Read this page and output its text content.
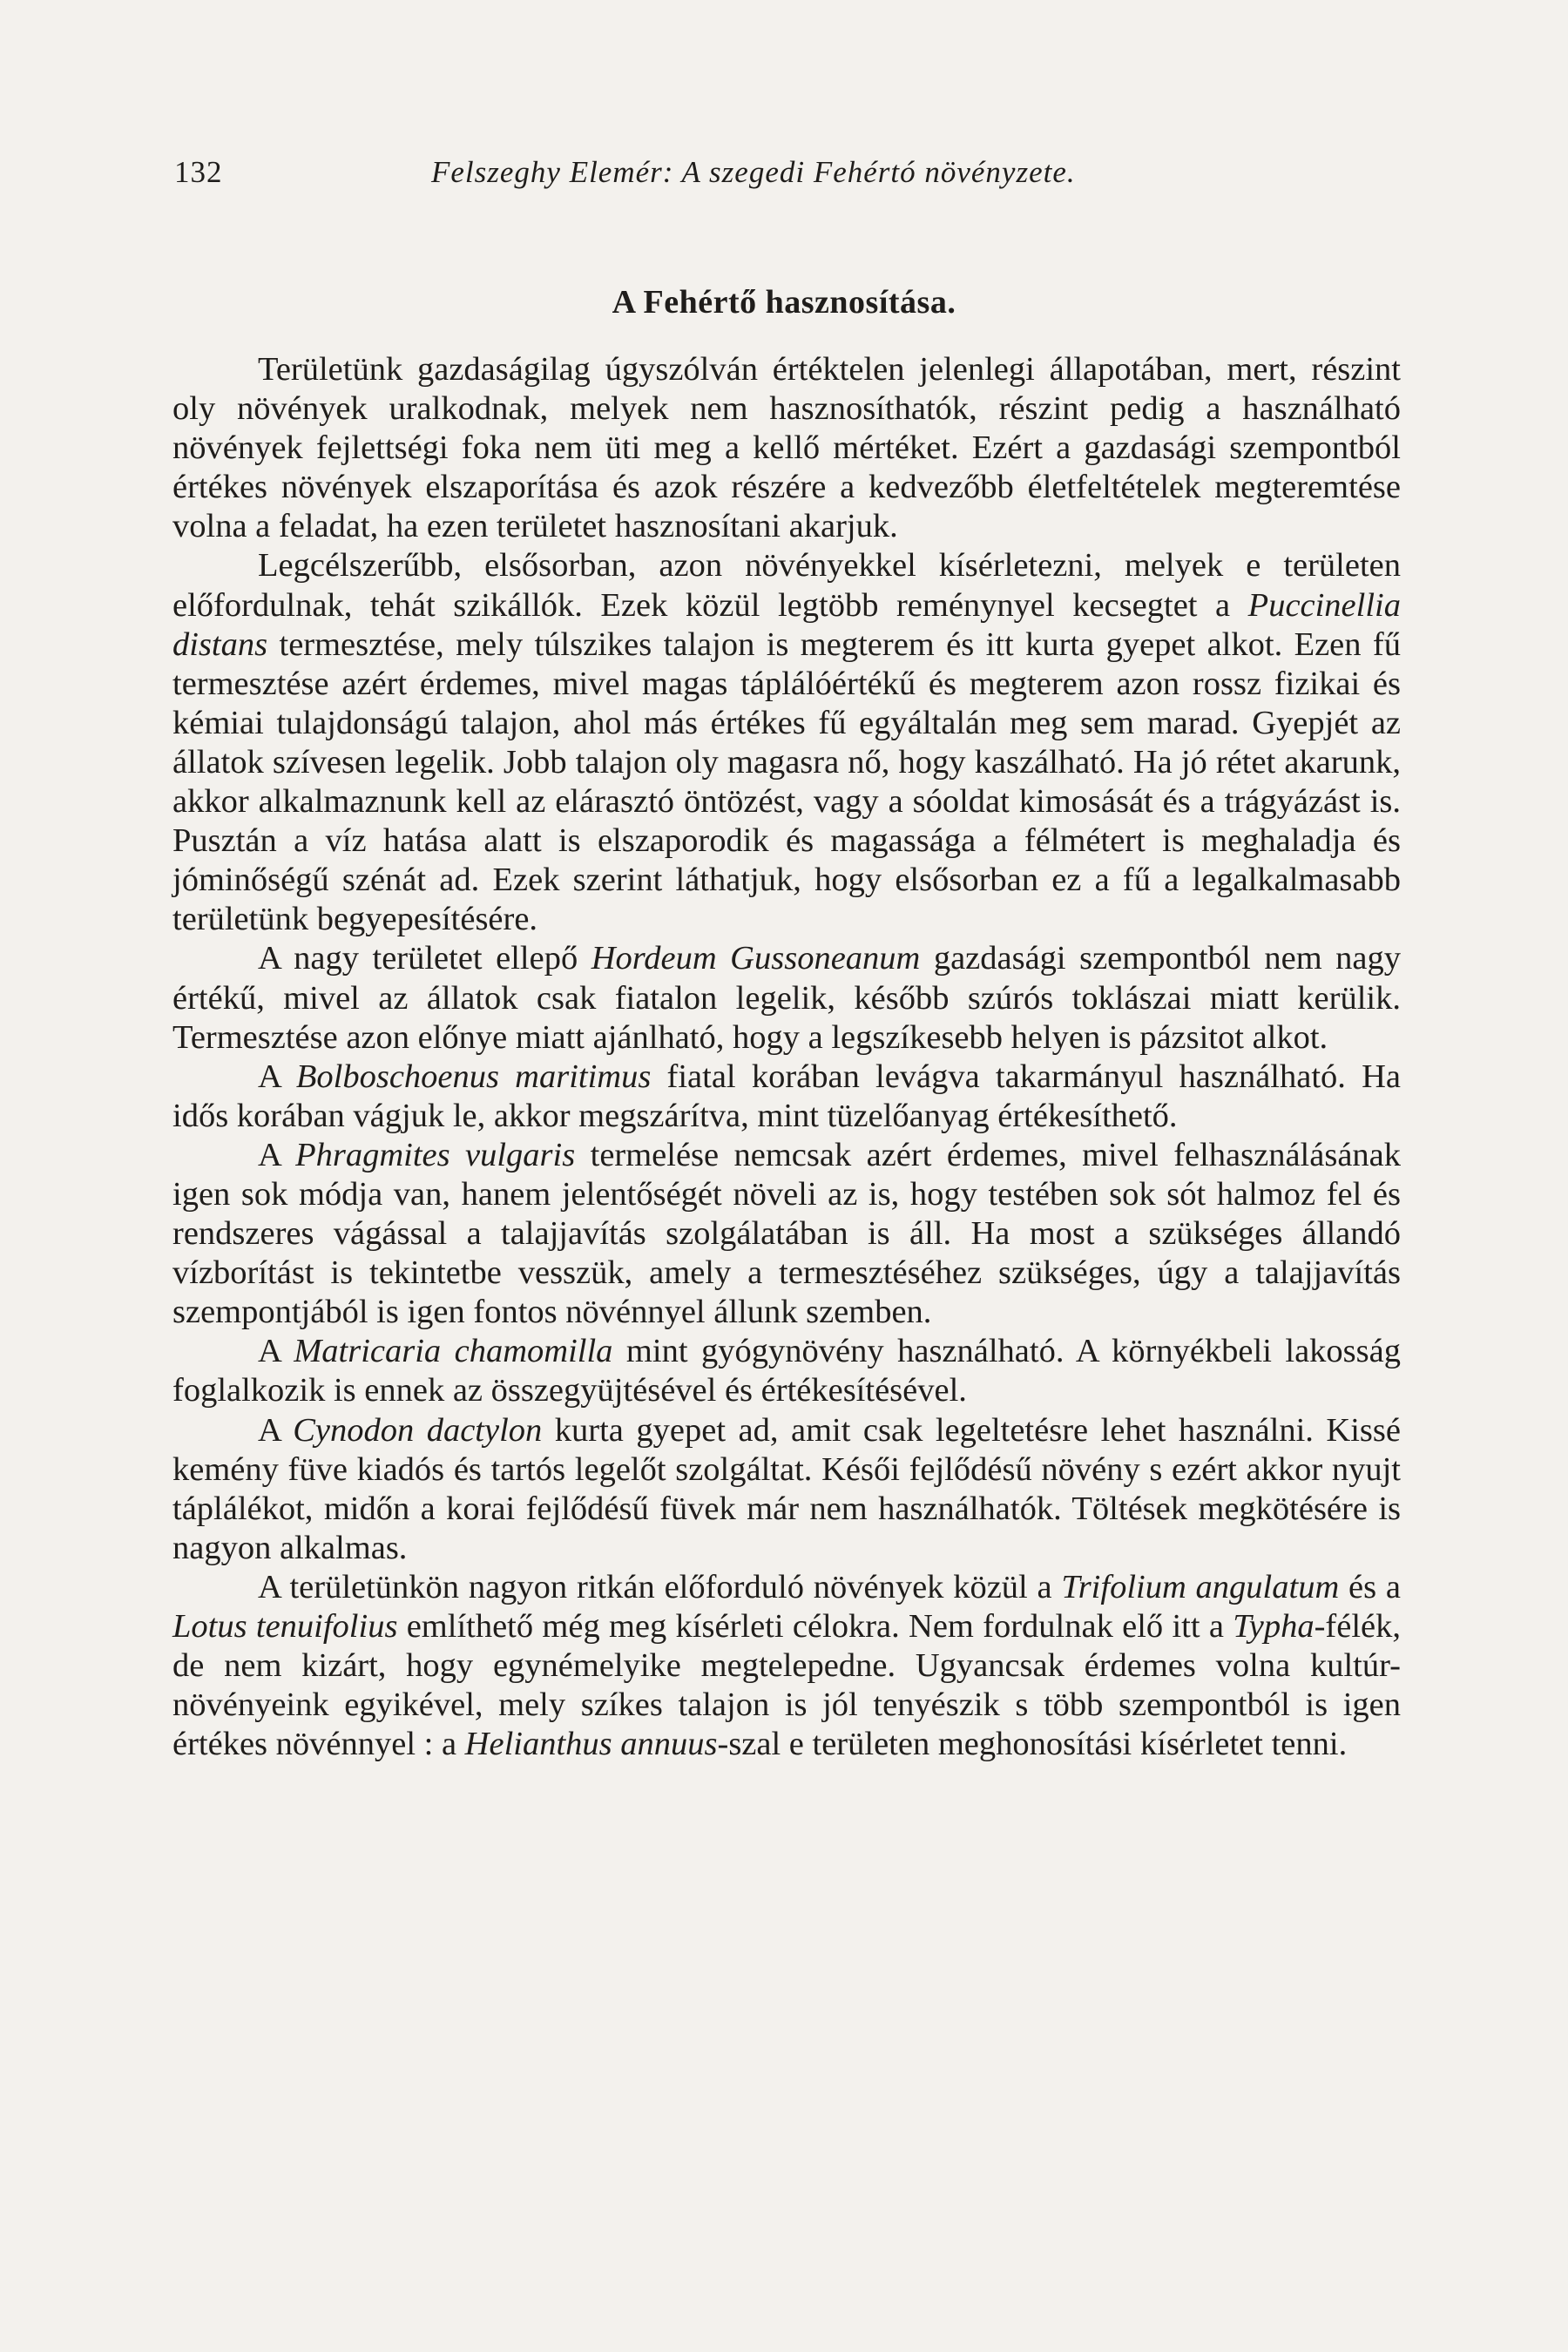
132	Felszeghy Elemér: A szegedi Fehértó növényzete.
A Fehértő hasznosítása.

Területünk gazdaságilag úgyszólván értéktelen jelenlegi állapotában, mert, részint oly növények uralkodnak, melyek nem hasznosíthatók, részint pedig a használható növények fejlettségi foka nem üti meg a kellő mértéket. Ezért a gazdasági szempontból értékes növények elszaporítása és azok részére a kedvezőbb életfeltételek megteremtése volna a feladat, ha ezen területet hasznosítani akarjuk.

Legcélszerűbb, elsősorban, azon növényekkel kísérletezni, melyek e területen előfordulnak, tehát szikállók. Ezek közül legtöbb reménynyel kecsegtet a Puccinellia distans termesztése, mely túlszikes talajon is megterem és itt kurta gyepet alkot. Ezen fű termesztése azért érdemes, mivel magas táplálóértékű és megterem azon rossz fizikai és kémiai tulajdonságú talajon, ahol más értékes fű egyáltalán meg sem marad. Gyepjét az állatok szívesen legelik. Jobb talajon oly magasra nő, hogy kaszálható. Ha jó rétet akarunk, akkor alkalmaznunk kell az elárasztó öntözést, vagy a sóoldat kimosását és a trágyázást is. Pusztán a víz hatása alatt is elszaporodik és magassága a félmétert is meghaladja és jóminőségű szénát ad. Ezek szerint láthatjuk, hogy elsősorban ez a fű a legalkalmasabb területünk begyepesítésére.

A nagy területet ellepő Hordeum Gussoneanum gazdasági szempontból nem nagy értékű, mivel az állatok csak fiatalon legelik, később szúrós toklászai miatt kerülik. Termesztése azon előnye miatt ajánlható, hogy a legszíkesebb helyen is pázsitot alkot.

A Bolboschoenus maritimus fiatal korában levágva takarmányul használható. Ha idős korában vágjuk le, akkor megszárítva, mint tüzelőanyag értékesíthető.

A Phragmites vulgaris termelése nemcsak azért érdemes, mivel felhasználásának igen sok módja van, hanem jelentőségét növeli az is, hogy testében sok sót halmoz fel és rendszeres vágással a talajjavítás szolgálatában is áll. Ha most a szükséges állandó vízborítást is tekintetbe vesszük, amely a termesztéséhez szükséges, úgy a talajjavítás szempontjából is igen fontos növénnyel állunk szemben.

A Matricaria chamomilla mint gyógynövény használható. A környékbeli lakosság foglalkozik is ennek az összegyüjtésével és értékesítésével.

A Cynodon dactylon kurta gyepet ad, amit csak legeltetésre lehet használni. Kissé kemény füve kiadós és tartós legelőt szolgáltat. Késői fejlődésű növény s ezért akkor nyujt táplálékot, midőn a korai fejlődésű füvek már nem használhatók. Töltések megkötésére is nagyon alkalmas.

A területünkön nagyon ritkán előforduló növények közül a Trifolium angulatum és a Lotus tenuifolius említhető még meg kísérleti célokra. Nem fordulnak elő itt a Typha-félék, de nem kizárt, hogy egynémelyike megtelepedne. Ugyancsak érdemes volna kultúr-növényeink egyikével, mely szíkes talajon is jól tenyészik s több szempontból is igen értékes növénnyel : a Helianthus annuus-szal e területen meghonosítási kísérletet tenni.
